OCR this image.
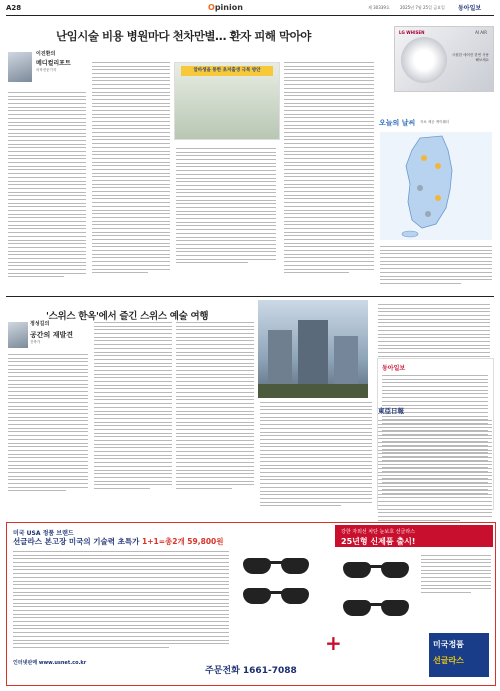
A28	Opinion	제 30339호	2025년 7월 25일 금요일 동아일보
난임시술 비용 병원마다 천차만별… 환자 피해 막아야
이진환의
메디컬리포트
의학전문기자
LG WHISEN	AI AIR
시원한 에어컨 한번 사용해보세요
알바생을 통한 초저출생 극복 방안
오늘의 날씨 자료 제공 케이웨더
'스위스 한옥'에서 즐긴 스위스 예술 여행
정성길의
공간의 재발견
건축가
동아일보
東亞日報
미국 USA 정품 브랜드
선글라스 본고장 미국의 기술력 초특가 1+1=총2개 59,800원
강한 자외선 차단 눈보호 선글라스
25년형 신제품 출시!
+	미국정품
선글라스
인터넷판매 www.usnet.co.kr
주문전화 1661-7088
